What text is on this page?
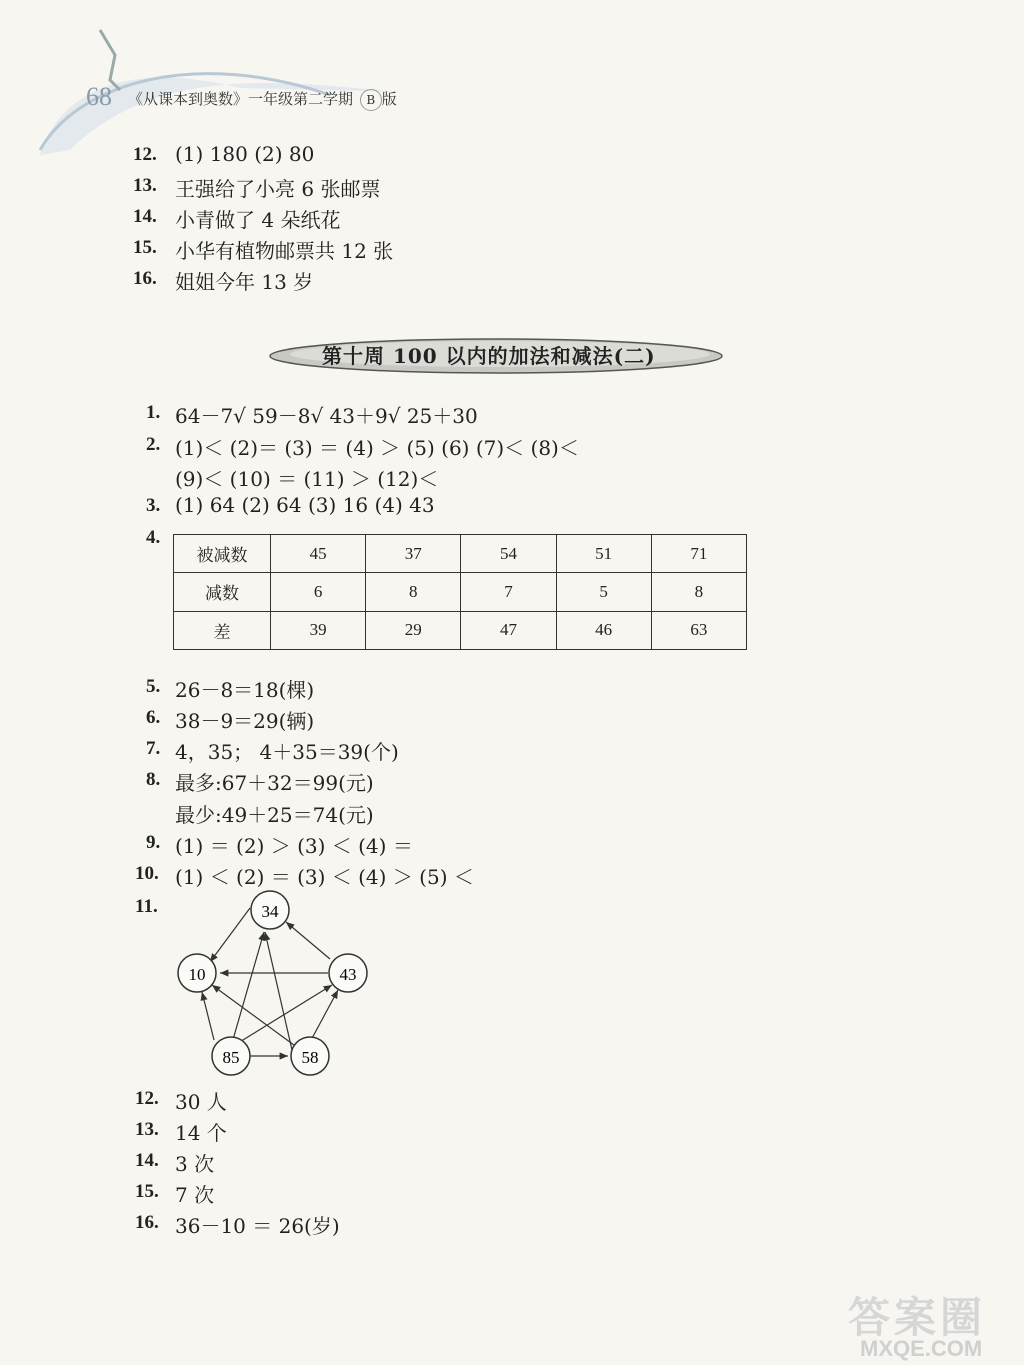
68 《从课本到奥数》一年级第二学期 B 版
12. (1) 180 (2) 80
13. 王强给了小亮 6 张邮票
14. 小青做了 4 朵纸花
15. 小华有植物邮票共 12 张
16. 姐姐今年 13 岁
第十周 100 以内的加法和减法(二)
1. 64－7√ 59－8√ 43＋9√ 25＋30
2. (1)＜ (2)＝ (3) ＝ (4) ＞ (5) (6) (7)＜ (8)＜
(9)＜ (10) ＝ (11) ＞ (12)＜
3. (1) 64 (2) 64 (3) 16 (4) 43
4.
被减数	45	37	54	51	71
减数	6	8	7	5	8
差	39	29	47	46	63
5. 26－8＝18(棵)
6. 38－9＝29(辆)
7. 4，35； 4＋35＝39(个)
8. 最多:67＋32＝99(元)
最少:49＋25＝74(元)
9. (1) ＝ (2) ＞ (3) ＜ (4) ＝
10. (1) ＜ (2) ＝ (3) ＜ (4) ＞ (5) ＜
11.	34
10	43
85	58
12. 30 人
13. 14 个
14. 3 次
15. 7 次
16. 36－10 ＝ 26(岁)
答案圈
MXQE.COM
